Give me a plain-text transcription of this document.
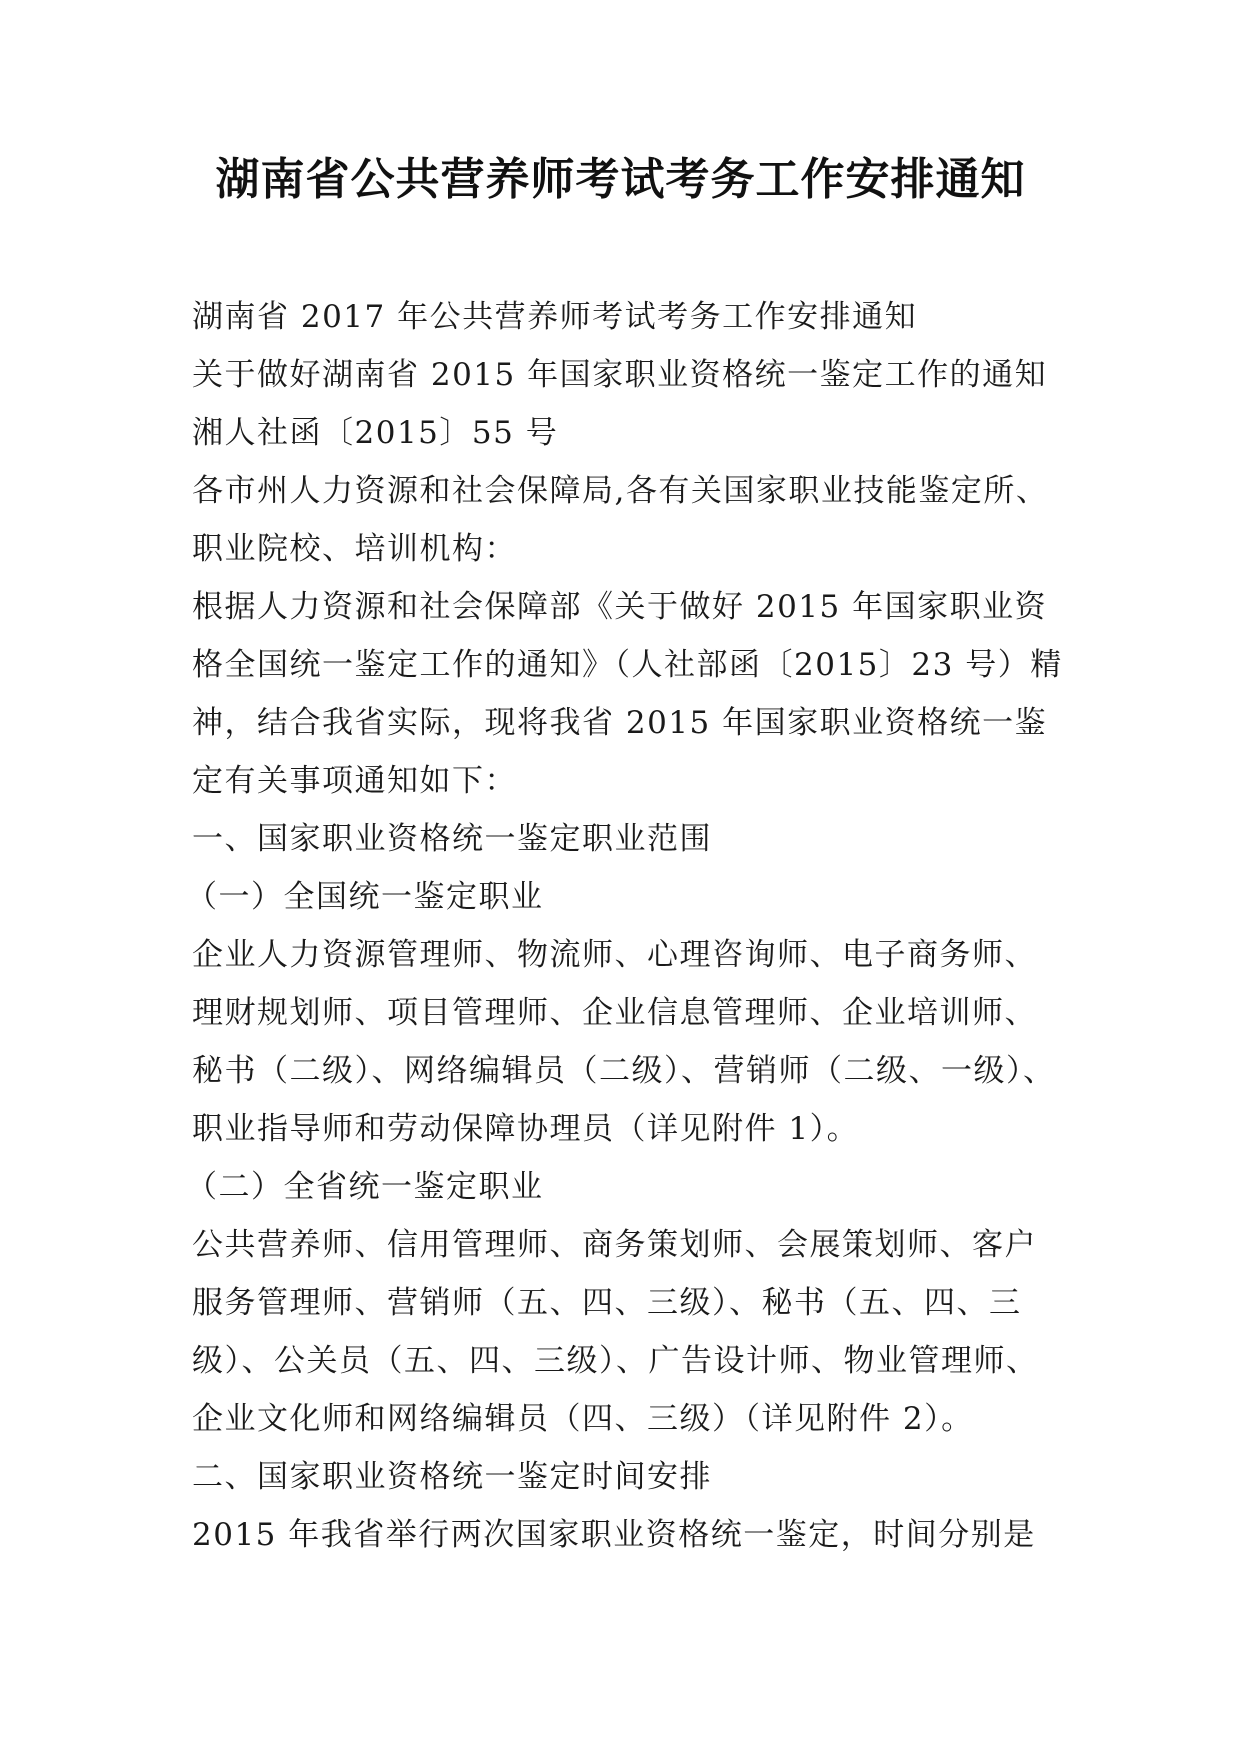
湖南省公共营养师考试考务工作安排通知
湖南省 2017 年公共营养师考试考务工作安排通知
关于做好湖南省 2015 年国家职业资格统一鉴定工作的通知
湘人社函〔2015〕55 号
各市州人力资源和社会保障局,各有关国家职业技能鉴定所、
职业院校、培训机构：
根据人力资源和社会保障部《关于做好 2015 年国家职业资
格全国统一鉴定工作的通知》（人社部函〔2015〕23 号）精
神，结合我省实际，现将我省 2015 年国家职业资格统一鉴
定有关事项通知如下：
一、国家职业资格统一鉴定职业范围
（一）全国统一鉴定职业
企业人力资源管理师、物流师、心理咨询师、电子商务师、
理财规划师、项目管理师、企业信息管理师、企业培训师、
秘书（二级）、网络编辑员（二级）、营销师（二级、一级）、
职业指导师和劳动保障协理员（详见附件 1）。
（二）全省统一鉴定职业
公共营养师、信用管理师、商务策划师、会展策划师、客户
服务管理师、营销师（五、四、三级）、秘书（五、四、三
级）、公关员（五、四、三级）、广告设计师、物业管理师、
企业文化师和网络编辑员（四、三级）（详见附件 2）。
二、国家职业资格统一鉴定时间安排
2015 年我省举行两次国家职业资格统一鉴定，时间分别是
